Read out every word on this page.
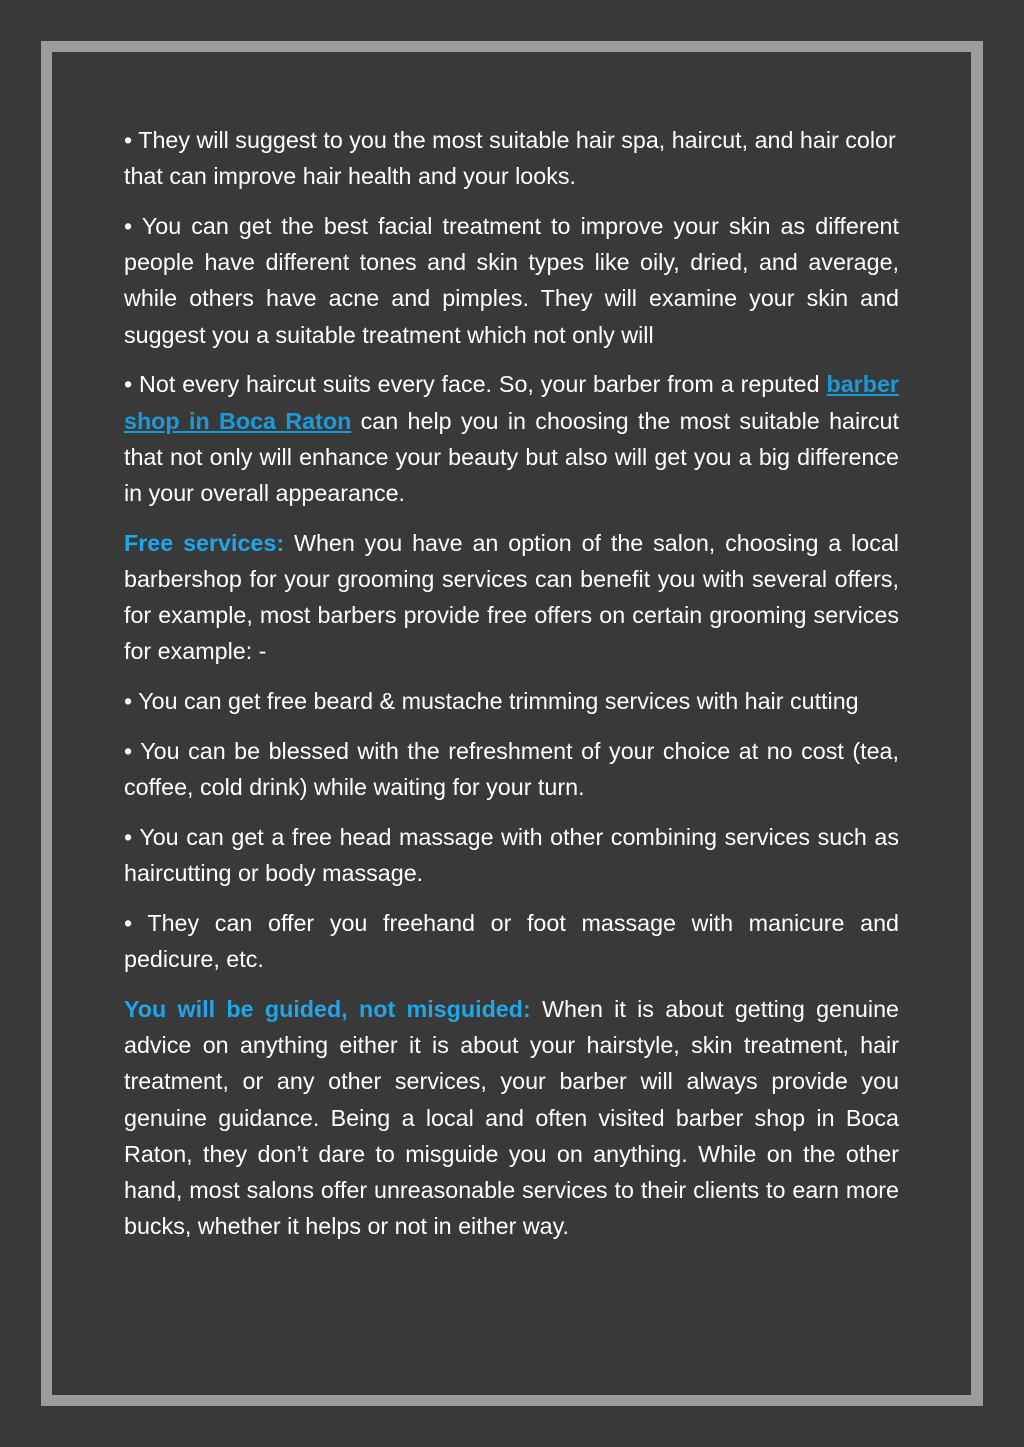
• They will suggest to you the most suitable hair spa, haircut, and hair color that can improve hair health and your looks.

• You can get the best facial treatment to improve your skin as different people have different tones and skin types like oily, dried, and average, while others have acne and pimples. They will examine your skin and suggest you a suitable treatment which not only will

• Not every haircut suits every face. So, your barber from a reputed barber shop in Boca Raton can help you in choosing the most suitable haircut that not only will enhance your beauty but also will get you a big difference in your overall appearance.

Free services: When you have an option of the salon, choosing a local barbershop for your grooming services can benefit you with several offers, for example, most barbers provide free offers on certain grooming services for example: -

• You can get free beard & mustache trimming services with hair cutting

• You can be blessed with the refreshment of your choice at no cost (tea, coffee, cold drink) while waiting for your turn.

• You can get a free head massage with other combining services such as haircutting or body massage.

• They can offer you freehand or foot massage with manicure and pedicure, etc.

You will be guided, not misguided: When it is about getting genuine advice on anything either it is about your hairstyle, skin treatment, hair treatment, or any other services, your barber will always provide you genuine guidance. Being a local and often visited barber shop in Boca Raton, they don’t dare to misguide you on anything. While on the other hand, most salons offer unreasonable services to their clients to earn more bucks, whether it helps or not in either way.
